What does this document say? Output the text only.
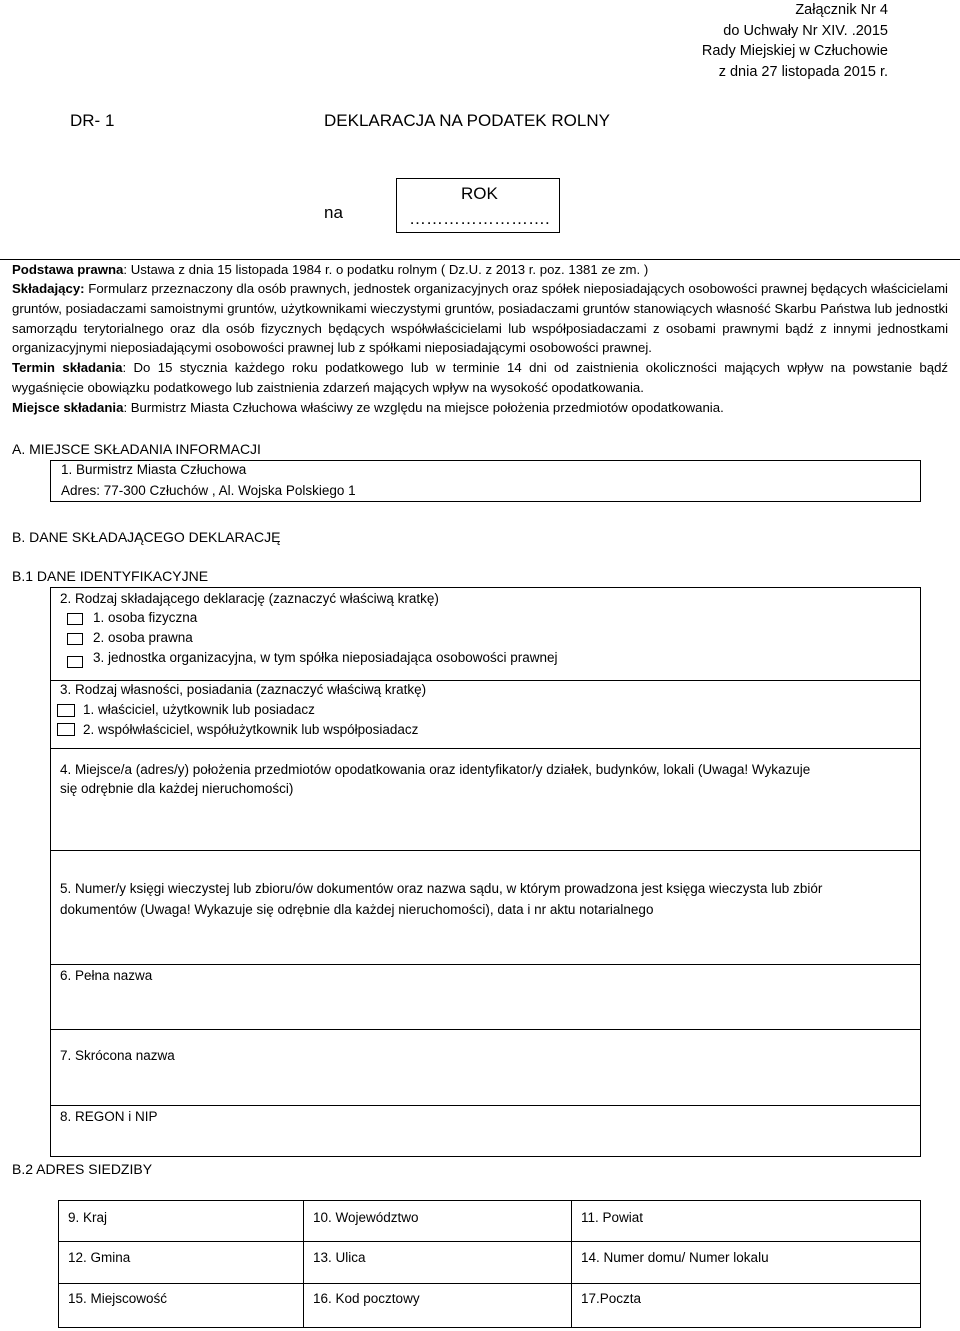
Załącznik Nr 4
do Uchwały Nr XIV. .2015
Rady Miejskiej w Człuchowie
z dnia 27 listopada 2015 r.
DR- 1	DEKLARACJA NA PODATEK ROLNY
na
ROK
…………………….
Podstawa prawna: Ustawa z dnia 15 listopada 1984 r. o podatku rolnym ( Dz.U. z 2013 r. poz. 1381 ze zm. )

Składający: Formularz przeznaczony dla osób prawnych, jednostek organizacyjnych oraz spółek nieposiadających osobowości prawnej będących właścicielami gruntów, posiadaczami samoistnymi gruntów, użytkownikami wieczystymi gruntów, posiadaczami gruntów stanowiących własność Skarbu Państwa lub jednostki samorządu terytorialnego oraz dla osób fizycznych będących współwłaścicielami lub współposiadaczami z osobami prawnymi bądź z innymi jednostkami organizacyjnymi nieposiadającymi osobowości prawnej lub z spółkami nieposiadającymi osobowości prawnej.

Termin składania: Do 15 stycznia każdego roku podatkowego lub w terminie 14 dni od zaistnienia okoliczności mających wpływ na powstanie bądź wygaśnięcie obowiązku podatkowego lub zaistnienia zdarzeń mających wpływ na wysokość opodatkowania.

Miejsce składania: Burmistrz Miasta Człuchowa właściwy ze względu na miejsce położenia przedmiotów opodatkowania.

A. MIEJSCE SKŁADANIA INFORMACJI
1. Burmistrz Miasta Człuchowa
Adres: 77-300 Człuchów , Al. Wojska Polskiego 1
B. DANE SKŁADAJĄCEGO DEKLARACJĘ
B.1 DANE IDENTYFIKACYJNE
2. Rodzaj składającego deklarację (zaznaczyć właściwą kratkę)
1. osoba fizyczna
2. osoba prawna
3. jednostka organizacyjna, w tym spółka nieposiadająca osobowości prawnej
3. Rodzaj własności, posiadania (zaznaczyć właściwą kratkę)
1. właściciel, użytkownik lub posiadacz
2. współwłaściciel, współużytkownik lub współposiadacz
4. Miejsce/a (adres/y) położenia przedmiotów opodatkowania oraz identyfikator/y działek, budynków, lokali (Uwaga! Wykazuje
się odrębnie dla każdej nieruchomości)
5. Numer/y księgi wieczystej lub zbioru/ów dokumentów oraz nazwa sądu, w którym prowadzona jest księga wieczysta lub zbiór
dokumentów (Uwaga! Wykazuje się odrębnie dla każdej nieruchomości), data i nr aktu notarialnego
6. Pełna nazwa
7. Skrócona nazwa
8. REGON i NIP
B.2 ADRES SIEDZIBY
9. Kraj	10. Województwo	11. Powiat
12. Gmina	13. Ulica	14. Numer domu/ Numer lokalu
15. Miejscowość	16. Kod pocztowy	17.Poczta
